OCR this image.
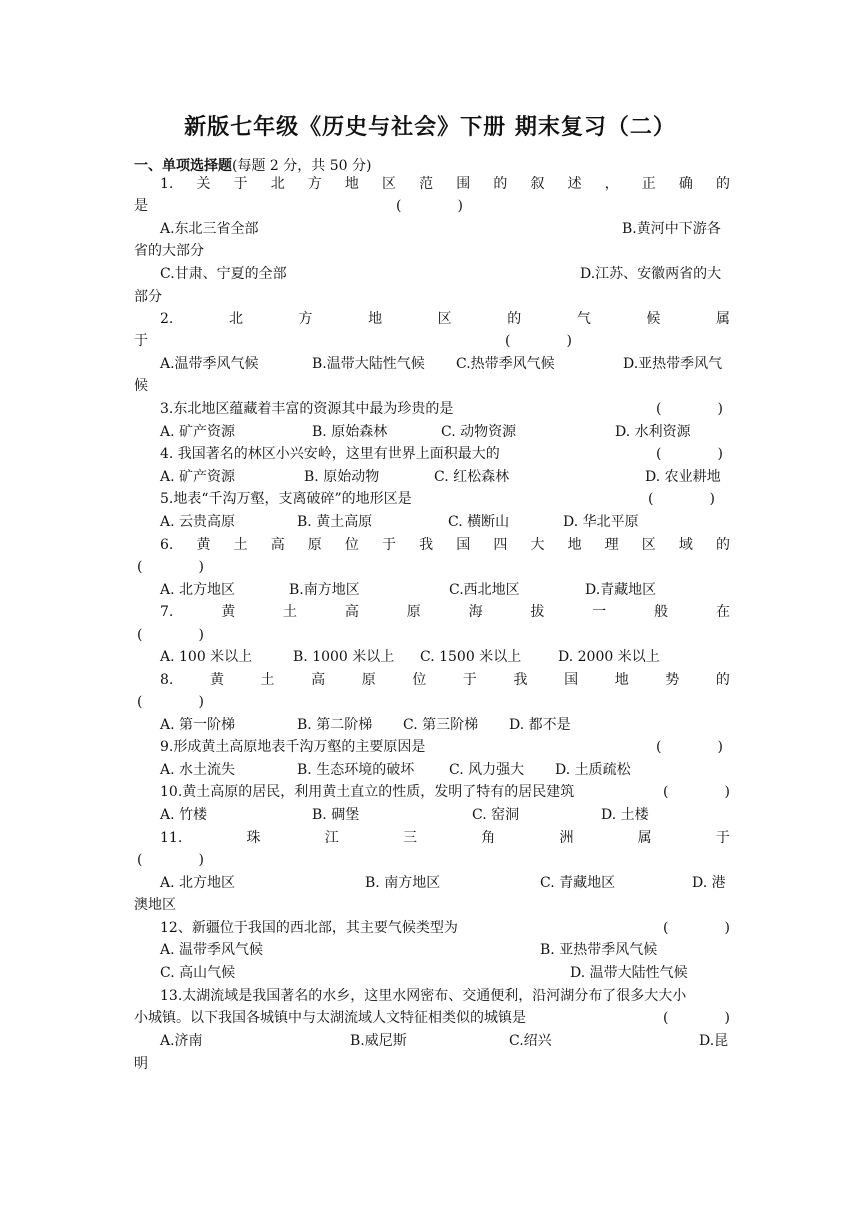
新版七年级《历史与社会》下册 期末复习（二）
一、单项选择题(每题 2 分，共 50 分)
1. 关 于 北 方 地 区 范 围 的 叙 述 ， 正 确 的
是	(　　　　)
A.东北三省全部	B.黄河中下游各
省的大部分
C.甘肃、宁夏的全部	D.江苏、安徽两省的大
部分
2.	北	方	地	区	的	气	候	属
于	(　　　　)
A.温带季风气候	B.温带大陆性气候 C.热带季风气候	D.亚热带季风气
候
3.东北地区蕴藏着丰富的资源其中最为珍贵的是	(　　　　)
A. 矿产资源	B. 原始森林	C. 动物资源	D. 水利资源
4. 我国著名的林区小兴安岭，这里有世界上面积最大的	(　　　　)
A. 矿产资源	B. 原始动物	C. 红松森林	D. 农业耕地
5.地表“千沟万壑，支离破碎”的地形区是	(　　　　)
A. 云贵高原	B. 黄土高原	C. 横断山	D. 华北平原
6. 黄 土 高 原 位 于 我 国 四 大 地 理 区 域 的
(　　　　)
A. 北方地区	B.南方地区	C.西北地区	D.青藏地区
7.	黄	土	高	原	海	拔	一	般	在
(　　　　)
A. 100 米以上	B. 1000 米以上 C. 1500 米以上	D. 2000 米以上
8.	黄	土	高	原	位	于	我	国	地	势	的
(　　　　)
A. 第一阶梯	B. 第二阶梯 C. 第三阶梯 D. 都不是
9.形成黄土高原地表千沟万壑的主要原因是	(　　　　)
A. 水土流失	B. 生态环境的破坏 C. 风力强大 D. 土质疏松
10.黄土高原的居民，利用黄土直立的性质，发明了特有的居民建筑	(　　　　)
A. 竹楼	B. 碉堡	C. 窑洞	D. 土楼
11.	珠	江	三	角	洲	属	于
(　　　　)
A. 北方地区	B. 南方地区	C. 青藏地区	D. 港
澳地区
12、新疆位于我国的西北部，其主要气候类型为	(　　　　)
A. 温带季风气候	B. 亚热带季风气候
C. 高山气候	D. 温带大陆性气候
13.太湖流域是我国著名的水乡，这里水网密布、交通便利，沿河湖分布了很多大大小
小城镇。以下我国各城镇中与太湖流域人文特征相类似的城镇是	(　　　　)
A.济南	B.威尼斯	C.绍兴	D.昆
明
